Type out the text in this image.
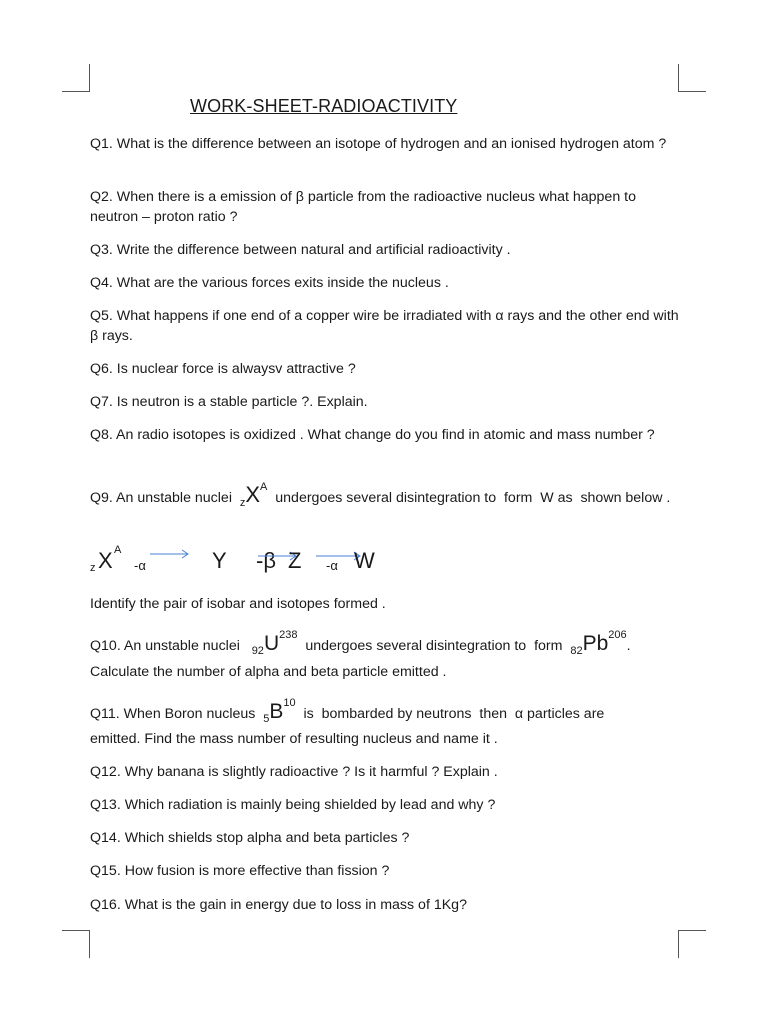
WORK-SHEET-RADIOACTIVITY
Q1. What is the difference between an isotope of hydrogen and an ionised hydrogen atom ?
Q2. When there is a emission of β particle from the radioactive nucleus what happen to neutron – proton ratio ?
Q3. Write the difference between natural and artificial radioactivity .
Q4. What are the various forces exits inside the nucleus .
Q5. What happens if one end of a copper wire be irradiated with α rays and the other end with β rays.
Q6. Is nuclear force is alwaysv attractive ?
Q7. Is neutron is a stable particle ?. Explain.
Q8. An radio isotopes is oxidized . What change do you find in atomic and mass number ?
Q9. An unstable nuclei  $_zX^A$  undergoes several disintegration to  form  W as  shown below .
z X A
-α	Y -β Z -α W
Identify the pair of isobar and isotopes formed .
Q10. An unstable nuclei   $_{92}U^{238}$  undergoes several disintegration to  form  $_{82}Pb^{206}$.
Calculate the number of alpha and beta particle emitted .
Q11. When Boron nucleus  $_5B^{10}$  is  bombarded by neutrons  then  α particles are
emitted. Find the mass number of resulting nucleus and name it .
Q12. Why banana is slightly radioactive ? Is it harmful ? Explain .
Q13. Which radiation is mainly being shielded by lead and why ?
Q14. Which shields stop alpha and beta particles ?
Q15. How fusion is more effective than fission ?
Q16. What is the gain in energy due to loss in mass of 1Kg?
